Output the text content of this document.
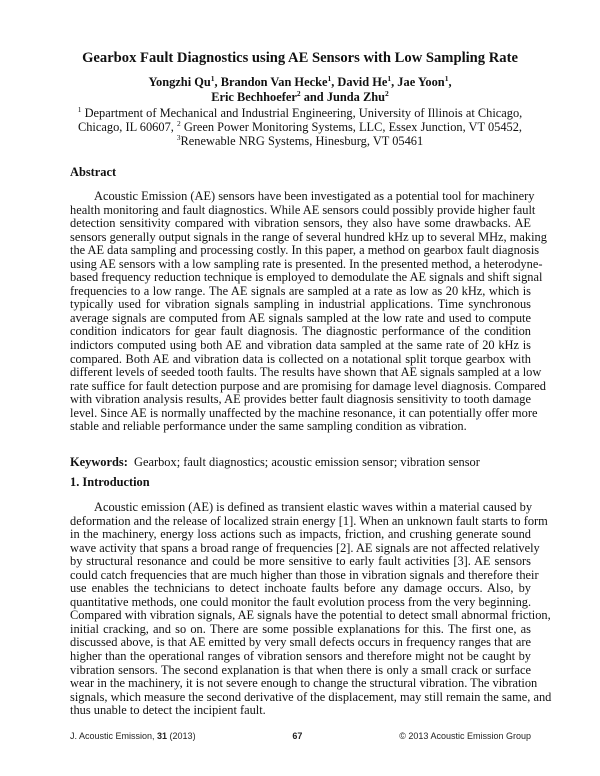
Gearbox Fault Diagnostics using AE Sensors with Low Sampling Rate
Yongzhi Qu$^1$, Brandon Van Hecke$^1$, David He$^1$, Jae Yoon$^1$,
Eric Bechhoefer$^2$ and Junda Zhu$^2$
$^1$ Department of Mechanical and Industrial Engineering, University of Illinois at Chicago,
Chicago, IL 60607, $^2$ Green Power Monitoring Systems, LLC, Essex Junction, VT 05452,
$^3$Renewable NRG Systems, Hinesburg, VT 05461
Abstract
Acoustic Emission (AE) sensors have been investigated as a potential tool for machinery
health monitoring and fault diagnostics. While AE sensors could possibly provide higher fault
detection sensitivity compared with vibration sensors, they also have some drawbacks. AE
sensors generally output signals in the range of several hundred kHz up to several MHz, making
the AE data sampling and processing costly. In this paper, a method on gearbox fault diagnosis
using AE sensors with a low sampling rate is presented. In the presented method, a heterodyne-
based frequency reduction technique is employed to demodulate the AE signals and shift signal
frequencies to a low range. The AE signals are sampled at a rate as low as 20 kHz, which is
typically used for vibration signals sampling in industrial applications. Time synchronous
average signals are computed from AE signals sampled at the low rate and used to compute
condition indicators for gear fault diagnosis. The diagnostic performance of the condition
indictors computed using both AE and vibration data sampled at the same rate of 20 kHz is
compared. Both AE and vibration data is collected on a notational split torque gearbox with
different levels of seeded tooth faults. The results have shown that AE signals sampled at a low
rate suffice for fault detection purpose and are promising for damage level diagnosis. Compared
with vibration analysis results, AE provides better fault diagnosis sensitivity to tooth damage
level. Since AE is normally unaffected by the machine resonance, it can potentially offer more
stable and reliable performance under the same sampling condition as vibration.
Keywords: Gearbox; fault diagnostics; acoustic emission sensor; vibration sensor
1. Introduction
Acoustic emission (AE) is defined as transient elastic waves within a material caused by
deformation and the release of localized strain energy [1]. When an unknown fault starts to form
in the machinery, energy loss actions such as impacts, friction, and crushing generate sound
wave activity that spans a broad range of frequencies [2]. AE signals are not affected relatively
by structural resonance and could be more sensitive to early fault activities [3]. AE sensors
could catch frequencies that are much higher than those in vibration signals and therefore their
use enables the technicians to detect inchoate faults before any damage occurs. Also, by
quantitative methods, one could monitor the fault evolution process from the very beginning.
Compared with vibration signals, AE signals have the potential to detect small abnormal friction,
initial cracking, and so on. There are some possible explanations for this. The first one, as
discussed above, is that AE emitted by very small defects occurs in frequency ranges that are
higher than the operational ranges of vibration sensors and therefore might not be caught by
vibration sensors. The second explanation is that when there is only a small crack or surface
wear in the machinery, it is not severe enough to change the structural vibration. The vibration
signals, which measure the second derivative of the displacement, may still remain the same, and
thus unable to detect the incipient fault.
J. Acoustic Emission, 31 (2013)	67	© 2013 Acoustic Emission Group
